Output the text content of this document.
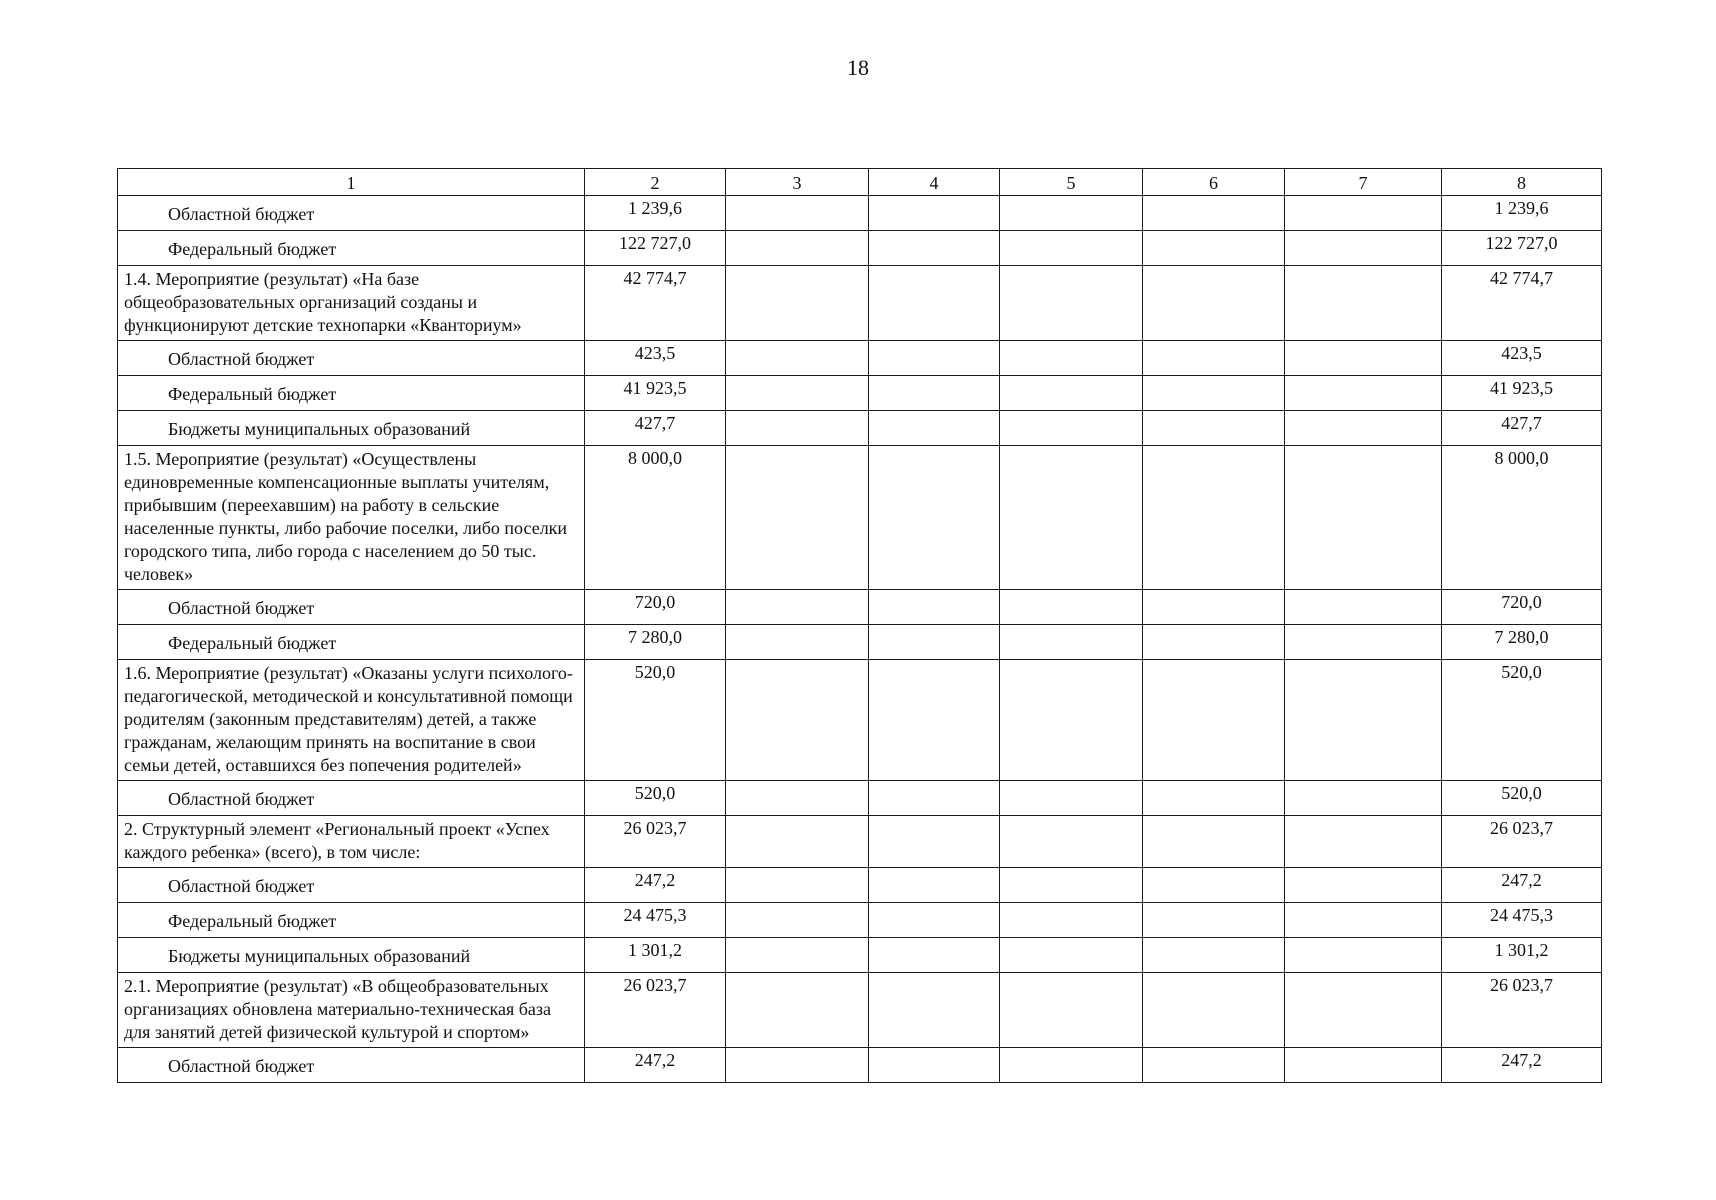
18
1	2	3	4	5	6	7	8
Областной бюджет	1 239,6						1 239,6
Федеральный бюджет	122 727,0						122 727,0
1.4. Мероприятие (результат) «На базе общеобразовательных организаций созданы и функционируют детские технопарки «Кванториум»	42 774,7						42 774,7
Областной бюджет	423,5						423,5
Федеральный бюджет	41 923,5						41 923,5
Бюджеты муниципальных образований	427,7						427,7
1.5. Мероприятие (результат) «Осуществлены единовременные компенсационные выплаты учителям, прибывшим (переехавшим) на работу в сельские населенные пункты, либо рабочие поселки, либо поселки городского типа, либо города с населением до 50 тыс. человек»	8 000,0						8 000,0
Областной бюджет	720,0						720,0
Федеральный бюджет	7 280,0						7 280,0
1.6. Мероприятие (результат) «Оказаны услуги психолого-педагогической, методической и консультативной помощи родителям (законным представителям) детей, а также гражданам, желающим принять на воспитание в свои семьи детей, оставшихся без попечения родителей»	520,0						520,0
Областной бюджет	520,0						520,0
2. Структурный элемент «Региональный проект «Успех каждого ребенка» (всего), в том числе:	26 023,7						26 023,7
Областной бюджет	247,2						247,2
Федеральный бюджет	24 475,3						24 475,3
Бюджеты муниципальных образований	1 301,2						1 301,2
2.1. Мероприятие (результат) «В общеобразовательных организациях обновлена материально-техническая база для занятий детей физической культурой и спортом»	26 023,7						26 023,7
Областной бюджет	247,2						247,2
